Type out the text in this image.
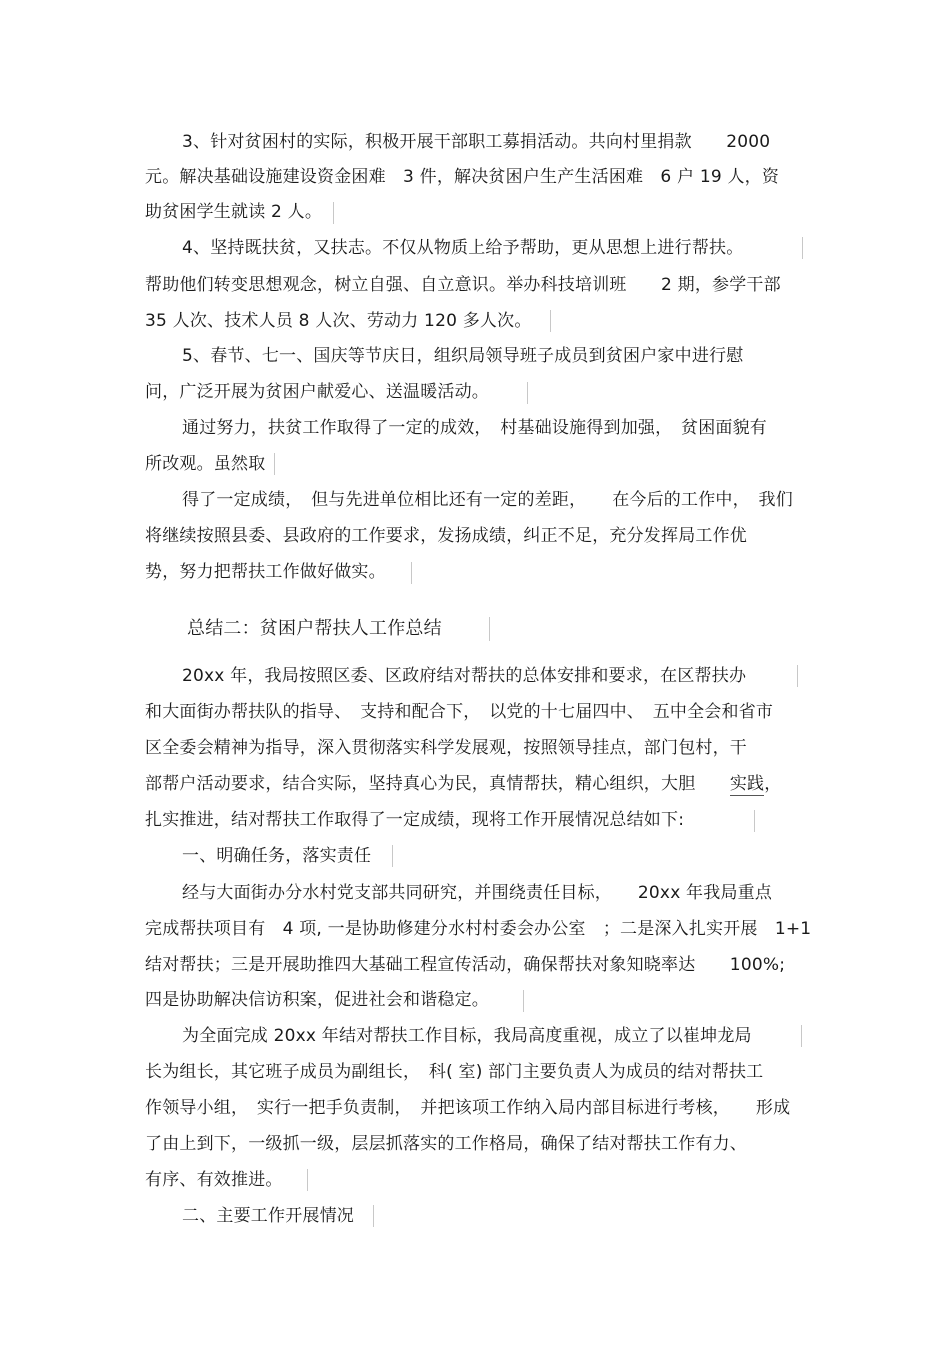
3、针对贫困村的实际，积极开展干部职工募捐活动。共向村里捐款　　2000
元。解决基础设施建设资金困难　3 件，解决贫困户生产生活困难　6 户 19 人，资
助贫困学生就读 2 人。
4、坚持既扶贫，又扶志。不仅从物质上给予帮助，更从思想上进行帮扶。
帮助他们转变思想观念，树立自强、自立意识。举办科技培训班　　2 期，参学干部
35 人次、技术人员 8 人次、劳动力 120 多人次。
5、春节、七一、国庆等节庆日，组织局领导班子成员到贫困户家中进行慰
问，广泛开展为贫困户献爱心、送温暖活动。
通过努力，扶贫工作取得了一定的成效，　村基础设施得到加强，　贫困面貌有
所改观。虽然取
得了一定成绩，　但与先进单位相比还有一定的差距，　　在今后的工作中，　我们
将继续按照县委、县政府的工作要求，发扬成绩，纠正不足，充分发挥局工作优
势，努力把帮扶工作做好做实。
总结二：贫困户帮扶人工作总结
20xx 年，我局按照区委、区政府结对帮扶的总体安排和要求，在区帮扶办
和大面街办帮扶队的指导、　支持和配合下，　以党的十七届四中、　五中全会和省市
区全委会精神为指导，深入贯彻落实科学发展观，按照领导挂点，部门包村，干
部帮户活动要求，结合实际，坚持真心为民，真情帮扶，精心组织，大胆　　实践，
扎实推进，结对帮扶工作取得了一定成绩，现将工作开展情况总结如下:
一、明确任务，落实责任
经与大面街办分水村党支部共同研究，并围绕责任目标，　　20xx 年我局重点
完成帮扶项目有　4 项, 一是协助修建分水村村委会办公室　；二是深入扎实开展　1+1
结对帮扶；三是开展助推四大基础工程宣传活动，确保帮扶对象知晓率达　　100%;
四是协助解决信访积案，促进社会和谐稳定。
为全面完成 20xx 年结对帮扶工作目标，我局高度重视，成立了以崔坤龙局
长为组长，其它班子成员为副组长，　科( 室) 部门主要负责人为成员的结对帮扶工
作领导小组，　实行一把手负责制，　并把该项工作纳入局内部目标进行考核，　　形成
了由上到下，一级抓一级，层层抓落实的工作格局，确保了结对帮扶工作有力、
有序、有效推进。
二、主要工作开展情况
